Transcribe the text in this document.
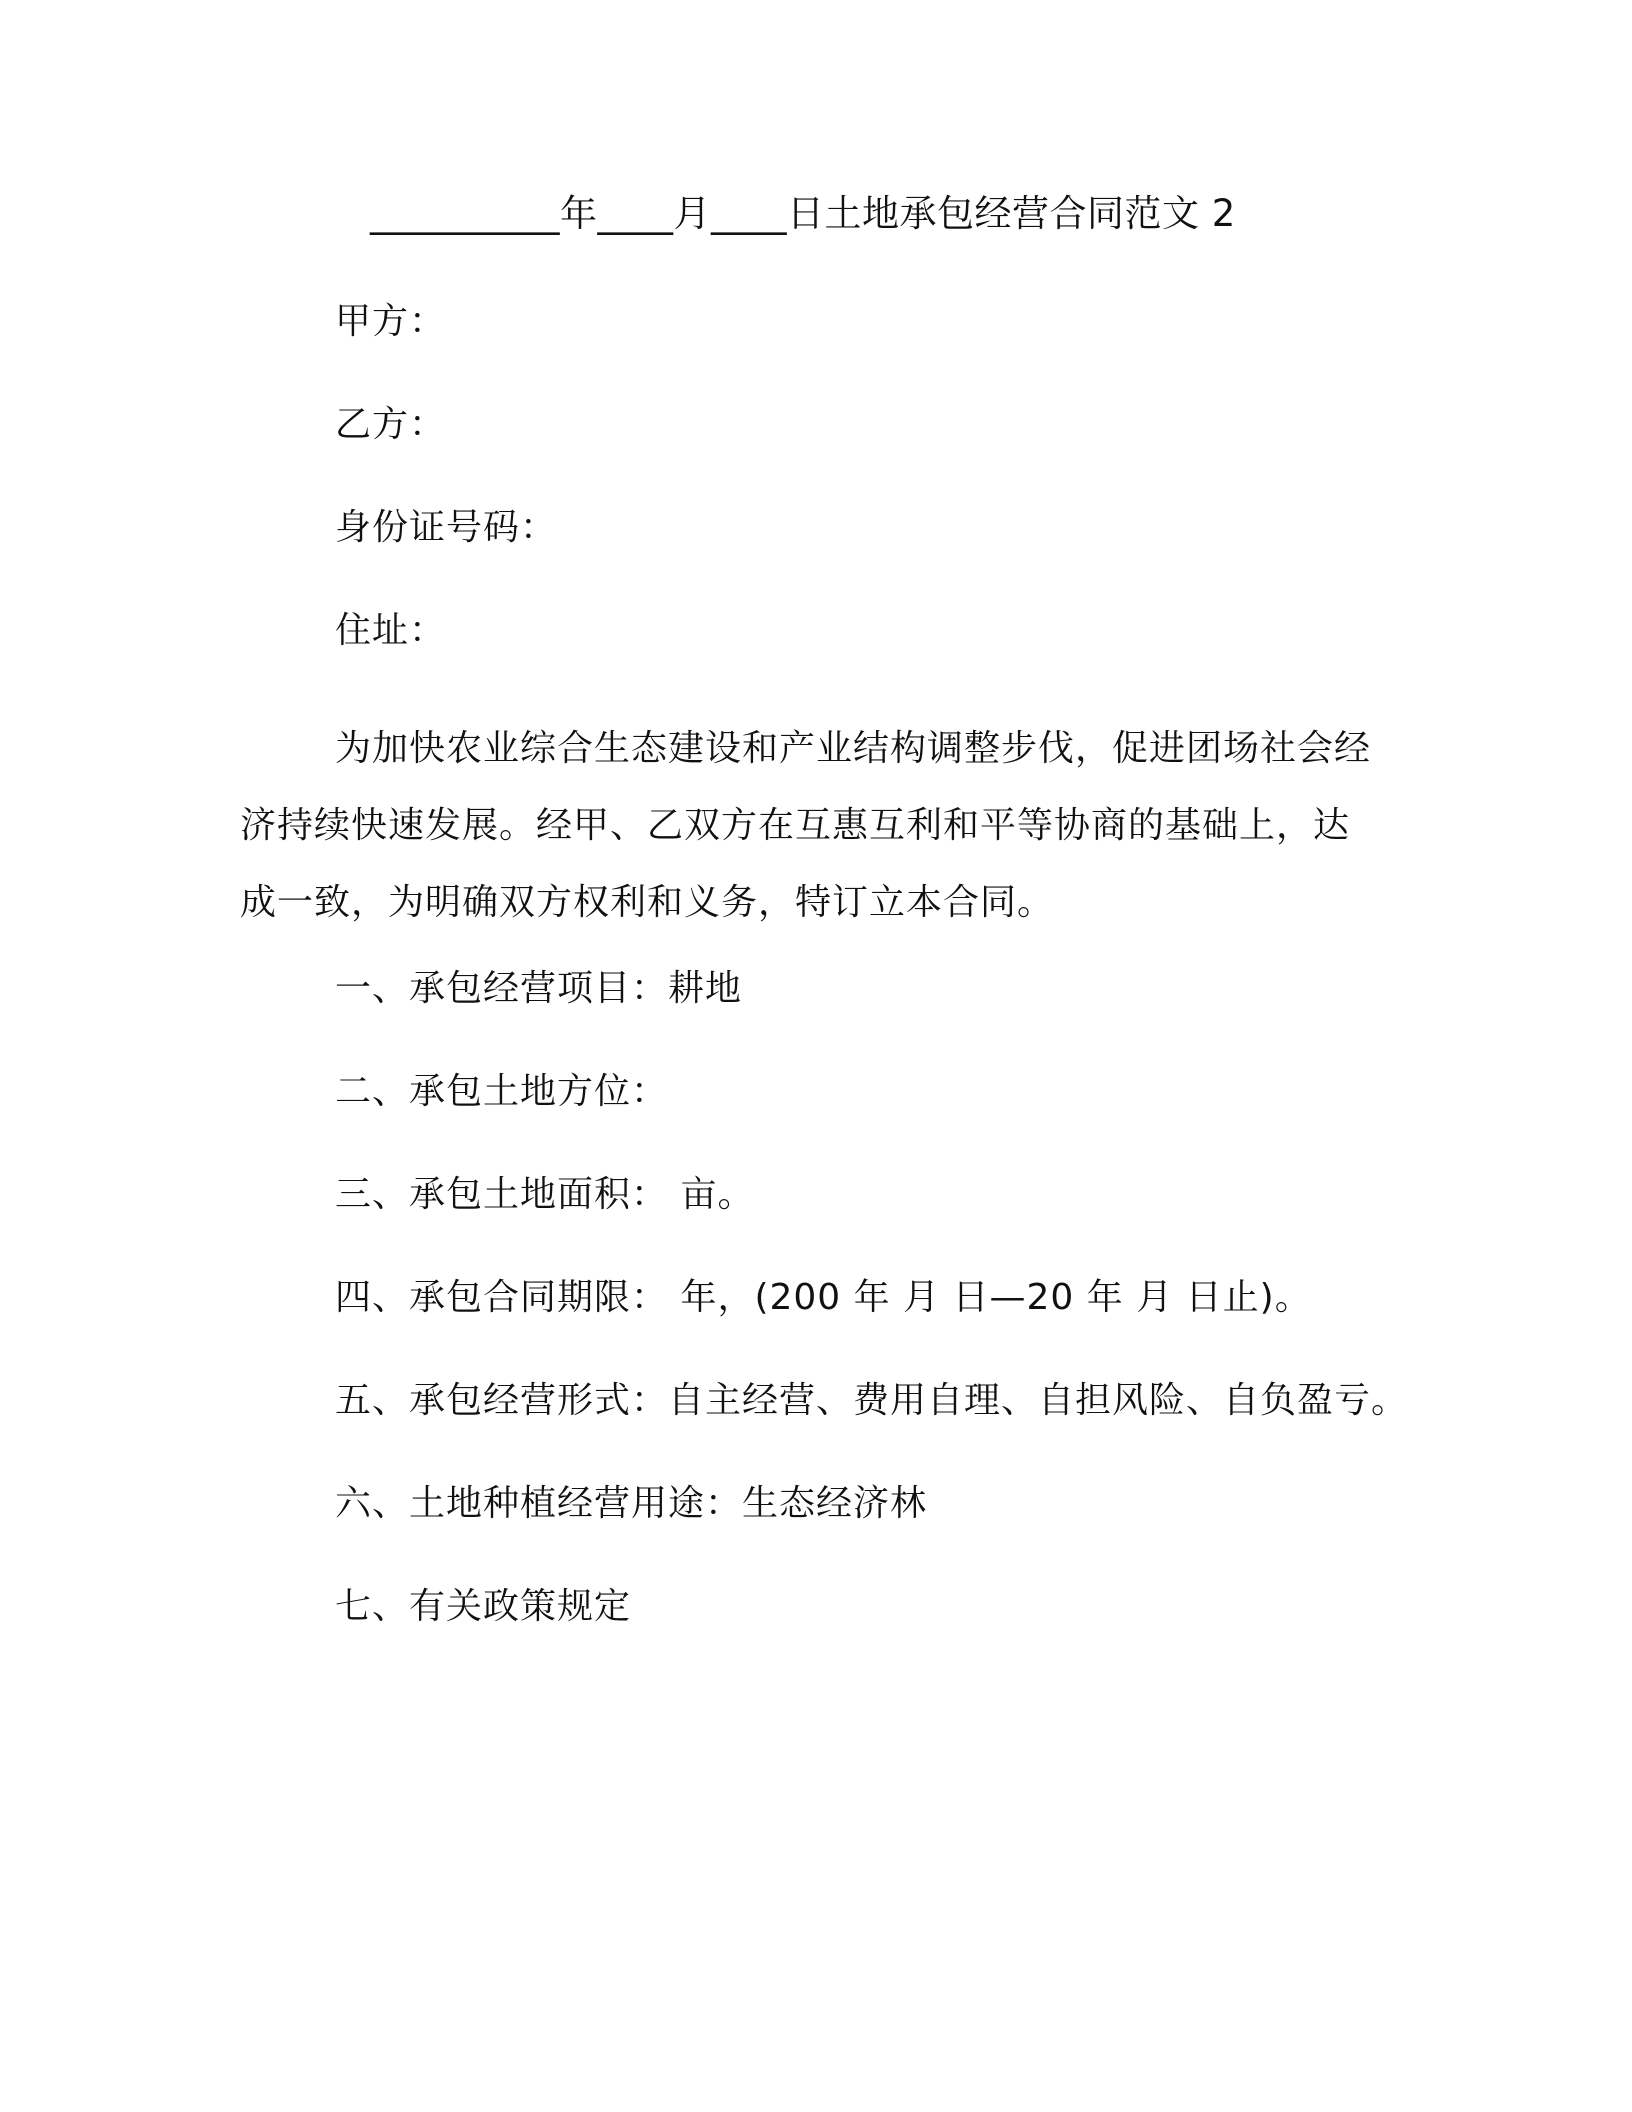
__________年____月____日土地承包经营合同范文 2
甲方：
乙方：
身份证号码：
住址：
为加快农业综合生态建设和产业结构调整步伐，促进团场社会经
济持续快速发展。经甲、乙双方在互惠互利和平等协商的基础上，达
成一致，为明确双方权利和义务，特订立本合同。
一、承包经营项目：耕地
二、承包土地方位：
三、承包土地面积： 亩。
四、承包合同期限： 年，(200 年 月 日—20 年 月 日止)。
五、承包经营形式：自主经营、费用自理、自担风险、自负盈亏。
六、土地种植经营用途：生态经济林
七、有关政策规定
